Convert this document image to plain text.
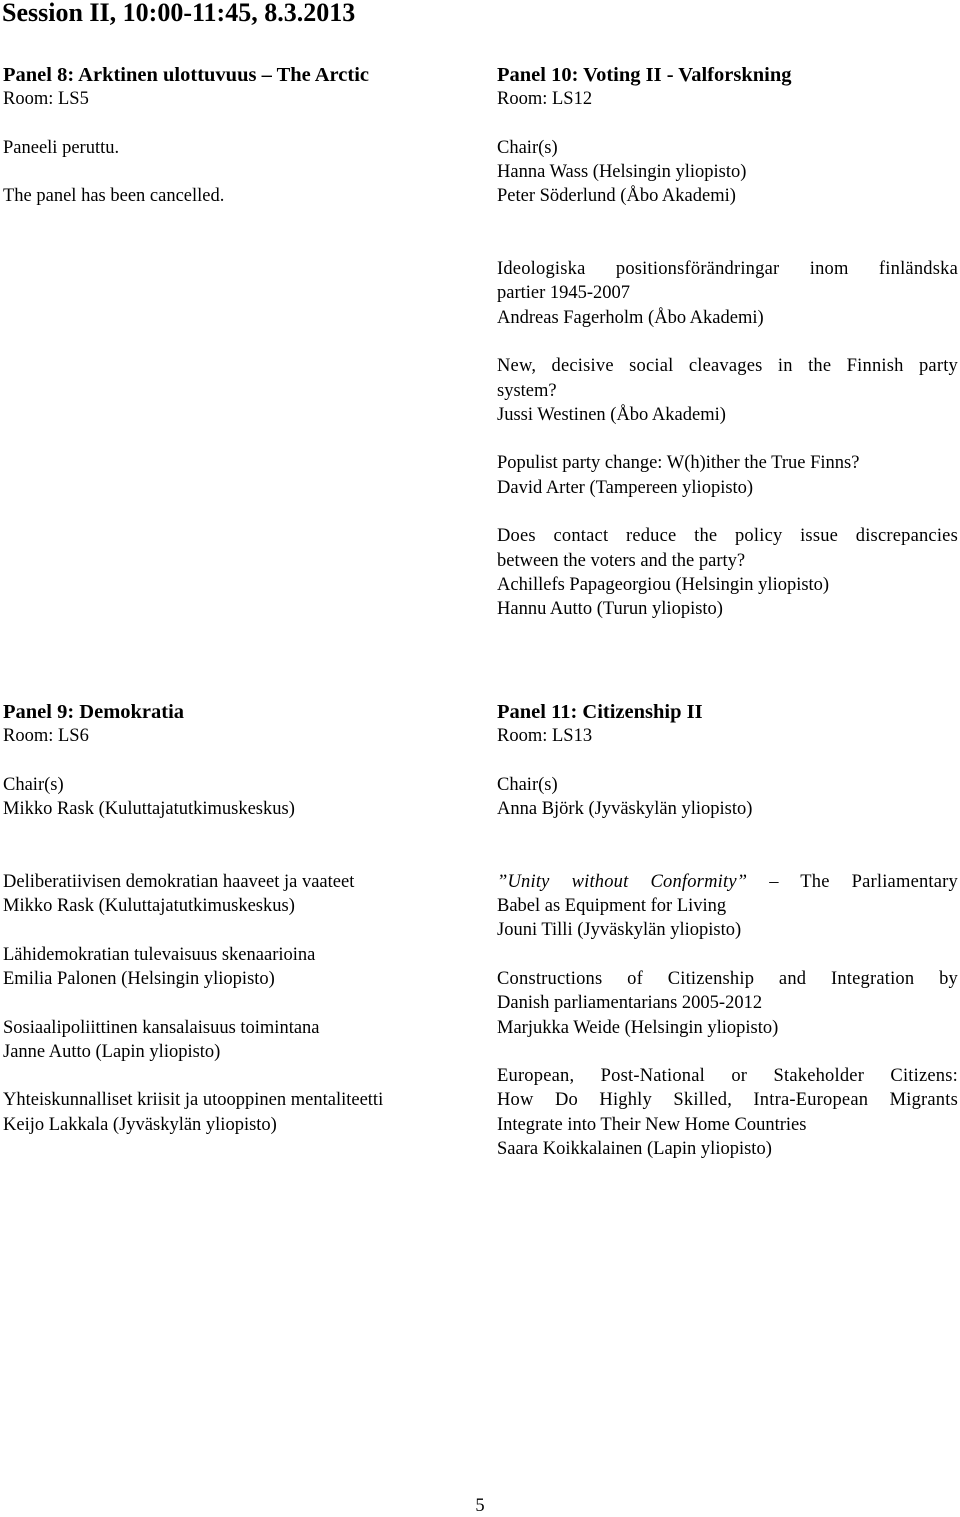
Session II, 10:00-11:45, 8.3.2013

Panel 8: Arktinen ulottuvuus – The Arctic

Room: LS5

Paneeli peruttu.

The panel has been cancelled.

Panel 10: Voting II - Valforskning

Room: LS12

Chair(s)

Hanna Wass (Helsingin yliopisto)

Peter Söderlund (Åbo Akademi)

Ideologiska positionsförändringar inom finländska

partier 1945-2007

Andreas Fagerholm (Åbo Akademi)

New, decisive social cleavages in the Finnish party

system?

Jussi Westinen (Åbo Akademi)

Populist party change: W(h)ither the True Finns?

David Arter (Tampereen yliopisto)

Does contact reduce the policy issue discrepancies

between the voters and the party?

Achillefs Papageorgiou (Helsingin yliopisto)

Hannu Autto (Turun yliopisto)

Panel 9: Demokratia

Room: LS6

Chair(s)

Mikko Rask (Kuluttajatutkimuskeskus)

Deliberatiivisen demokratian haaveet ja vaateet

Mikko Rask (Kuluttajatutkimuskeskus)

Lähidemokratian tulevaisuus skenaarioina

Emilia Palonen (Helsingin yliopisto)

Sosiaalipoliittinen kansalaisuus toimintana

Janne Autto (Lapin yliopisto)

Yhteiskunnalliset kriisit ja utooppinen mentaliteetti

Keijo Lakkala (Jyväskylän yliopisto)

Panel 11: Citizenship II

Room: LS13

Chair(s)

Anna Björk (Jyväskylän yliopisto)

”Unity without Conformity” – The Parliamentary

Babel as Equipment for Living

Jouni Tilli (Jyväskylän yliopisto)

Constructions of Citizenship and Integration by

Danish parliamentarians 2005-2012

Marjukka Weide (Helsingin yliopisto)

European, Post-National or Stakeholder Citizens:

How Do Highly Skilled, Intra-European Migrants

Integrate into Their New Home Countries

Saara Koikkalainen (Lapin yliopisto)

5
